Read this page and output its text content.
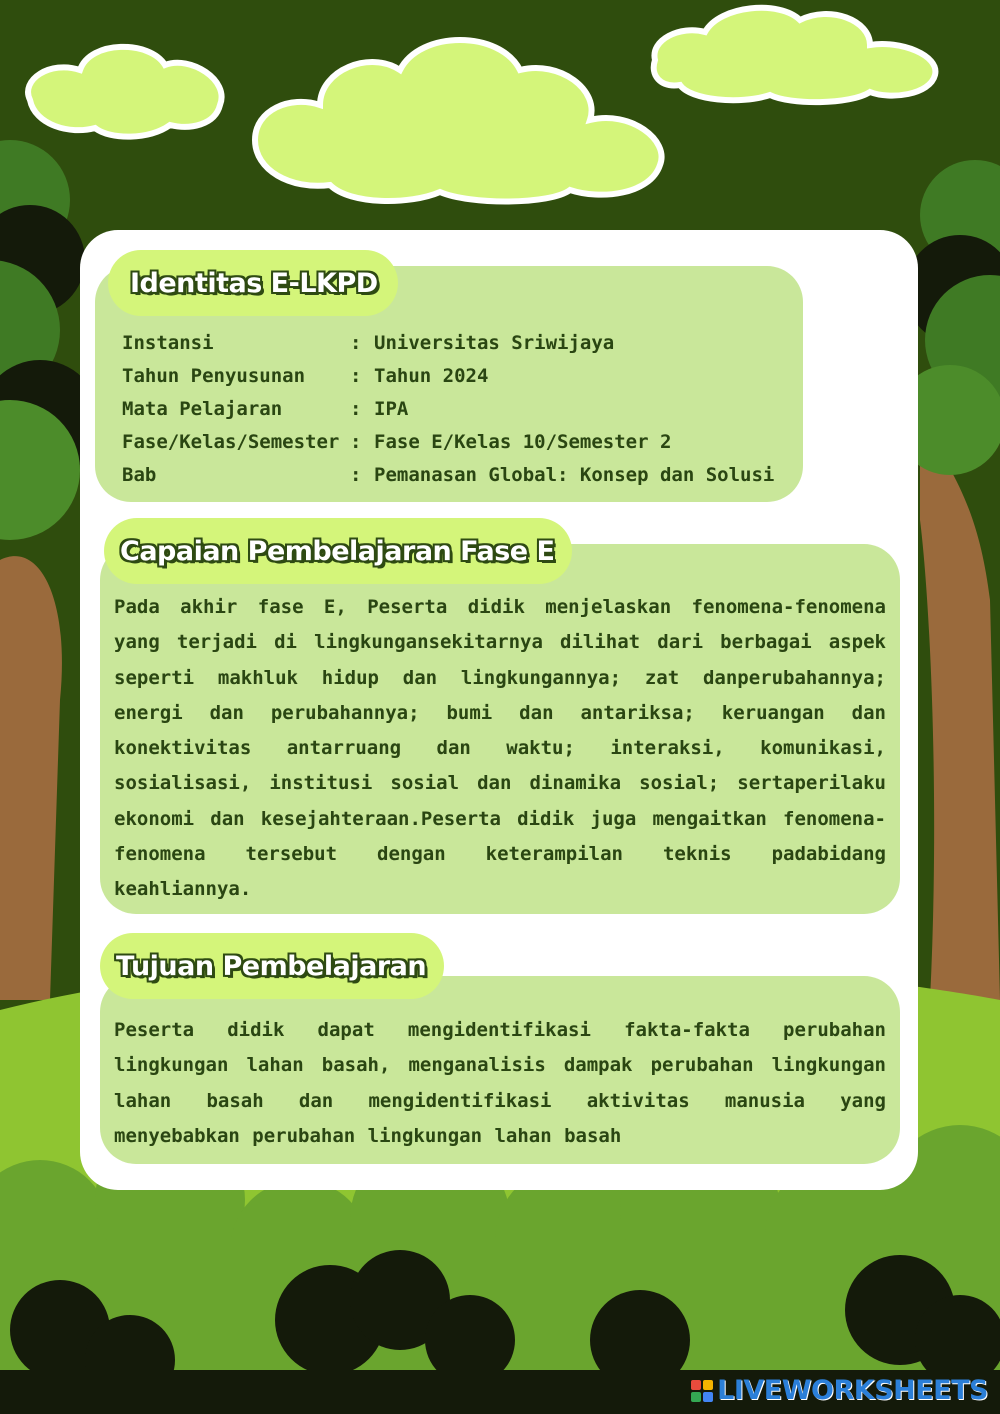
Identitas E-LKPD
Instansi	: Universitas Sriwijaya
Tahun Penyusunan	: Tahun 2024
Mata Pelajaran	: IPA
Fase/Kelas/Semester : Fase E/Kelas 10/Semester 2
Bab	: Pemanasan Global: Konsep dan Solusi
Capaian Pembelajaran Fase E

Pada akhir fase E, Peserta didik menjelaskan fenomena-fenomena yang terjadi di lingkungansekitarnya dilihat dari berbagai aspek seperti makhluk hidup dan lingkungannya; zat danperubahannya; energi dan perubahannya; bumi dan antariksa; keruangan dan konektivitas antarruang dan waktu; interaksi, komunikasi, sosialisasi, institusi sosial dan dinamika sosial; sertaperilaku ekonomi dan kesejahteraan.Peserta didik juga mengaitkan fenomena-fenomena tersebut dengan keterampilan teknis padabidang keahliannya.

Tujuan Pembelajaran

Peserta didik dapat mengidentifikasi fakta-fakta perubahan lingkungan lahan basah, menganalisis dampak perubahan lingkungan lahan basah dan mengidentifikasi aktivitas manusia yang menyebabkan perubahan lingkungan lahan basah

LIVEWORKSHEETS
